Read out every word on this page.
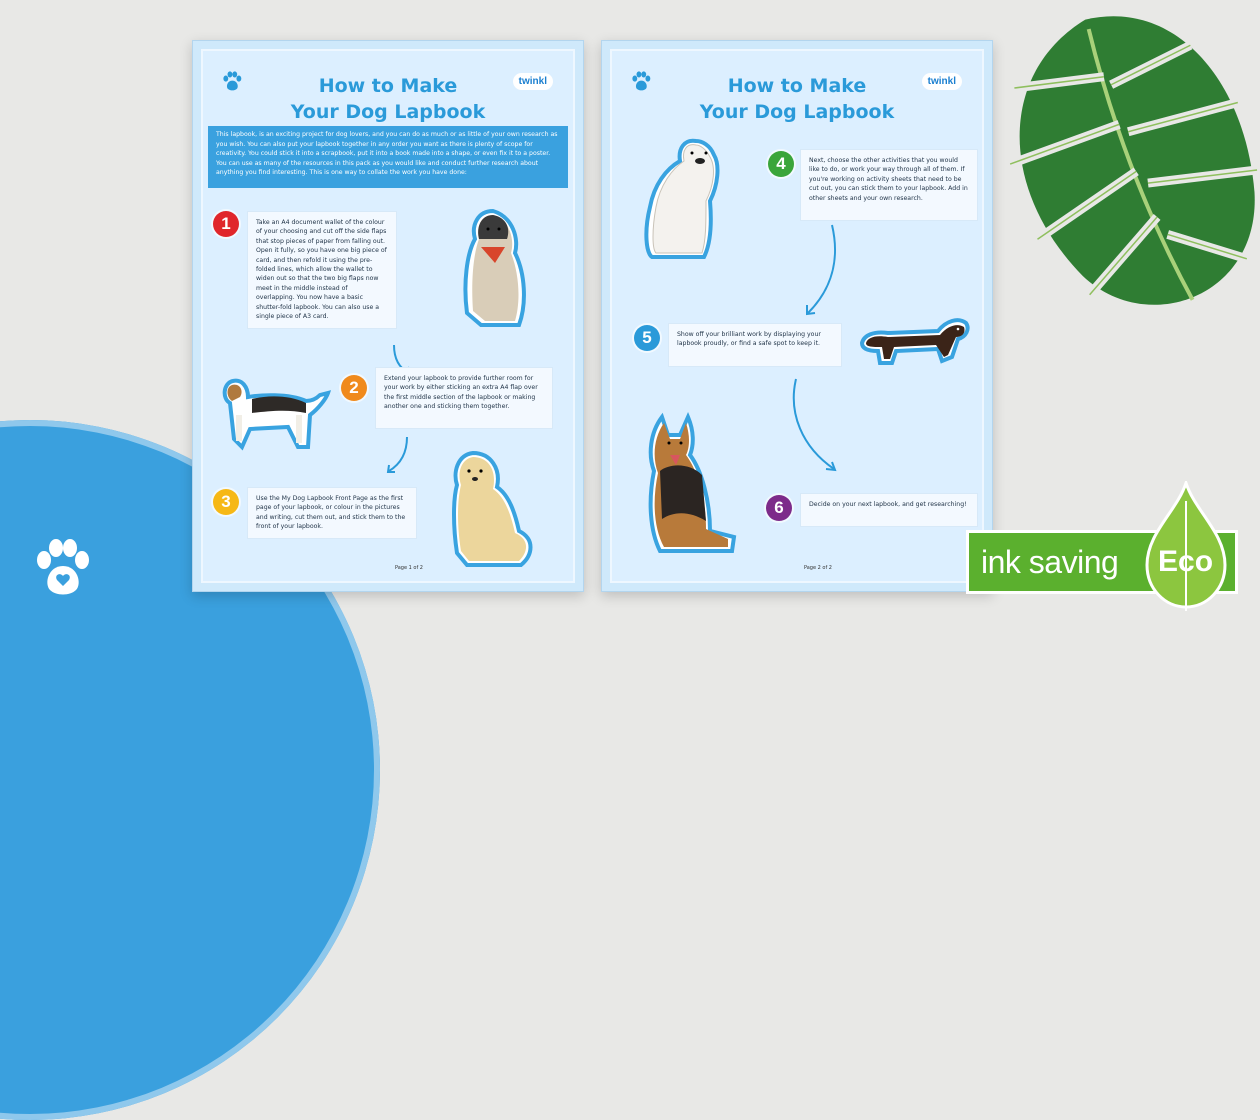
twinkl
How to Make
Your Dog Lapbook
This lapbook, is an exciting project for dog lovers, and you can do as much or as little of your own research as you wish. You can also put your lapbook together in any order you want as there is plenty of scope for creativity. You could stick it into a scrapbook, put it into a book made into a shape, or even fix it to a poster. You can use as many of the resources in this pack as you would like and conduct further research about anything you find interesting. This is one way to collate the work you have done:
1	Take an A4 document wallet of the colour of your choosing and cut off the side flaps that stop pieces of paper from falling out. Open it fully, so you have one big piece of card, and then refold it using the pre-folded lines, which allow the wallet to widen out so that the two big flaps now meet in the middle instead of overlapping. You now have a basic shutter-fold lapbook. You can also use a single piece of A3 card.
2	Extend your lapbook to provide further room for your work by either sticking an extra A4 flap over the first middle section of the lapbook or making another one and sticking them together.
3	Use the My Dog Lapbook Front Page as the first page of your lapbook, or colour in the pictures and writing, cut them out, and stick them to the front of your lapbook.
Page 1 of 2
twinkl
How to Make
Your Dog Lapbook
4	Next, choose the other activities that you would like to do, or work your way through all of them. If you're working on activity sheets that need to be cut out, you can stick them to your lapbook. Add in other sheets and your own research.
5	Show off your brilliant work by displaying your lapbook proudly, or find a safe spot to keep it.
6	Decide on your next lapbook, and get researching!
Page 2 of 2	ink saving Eco
